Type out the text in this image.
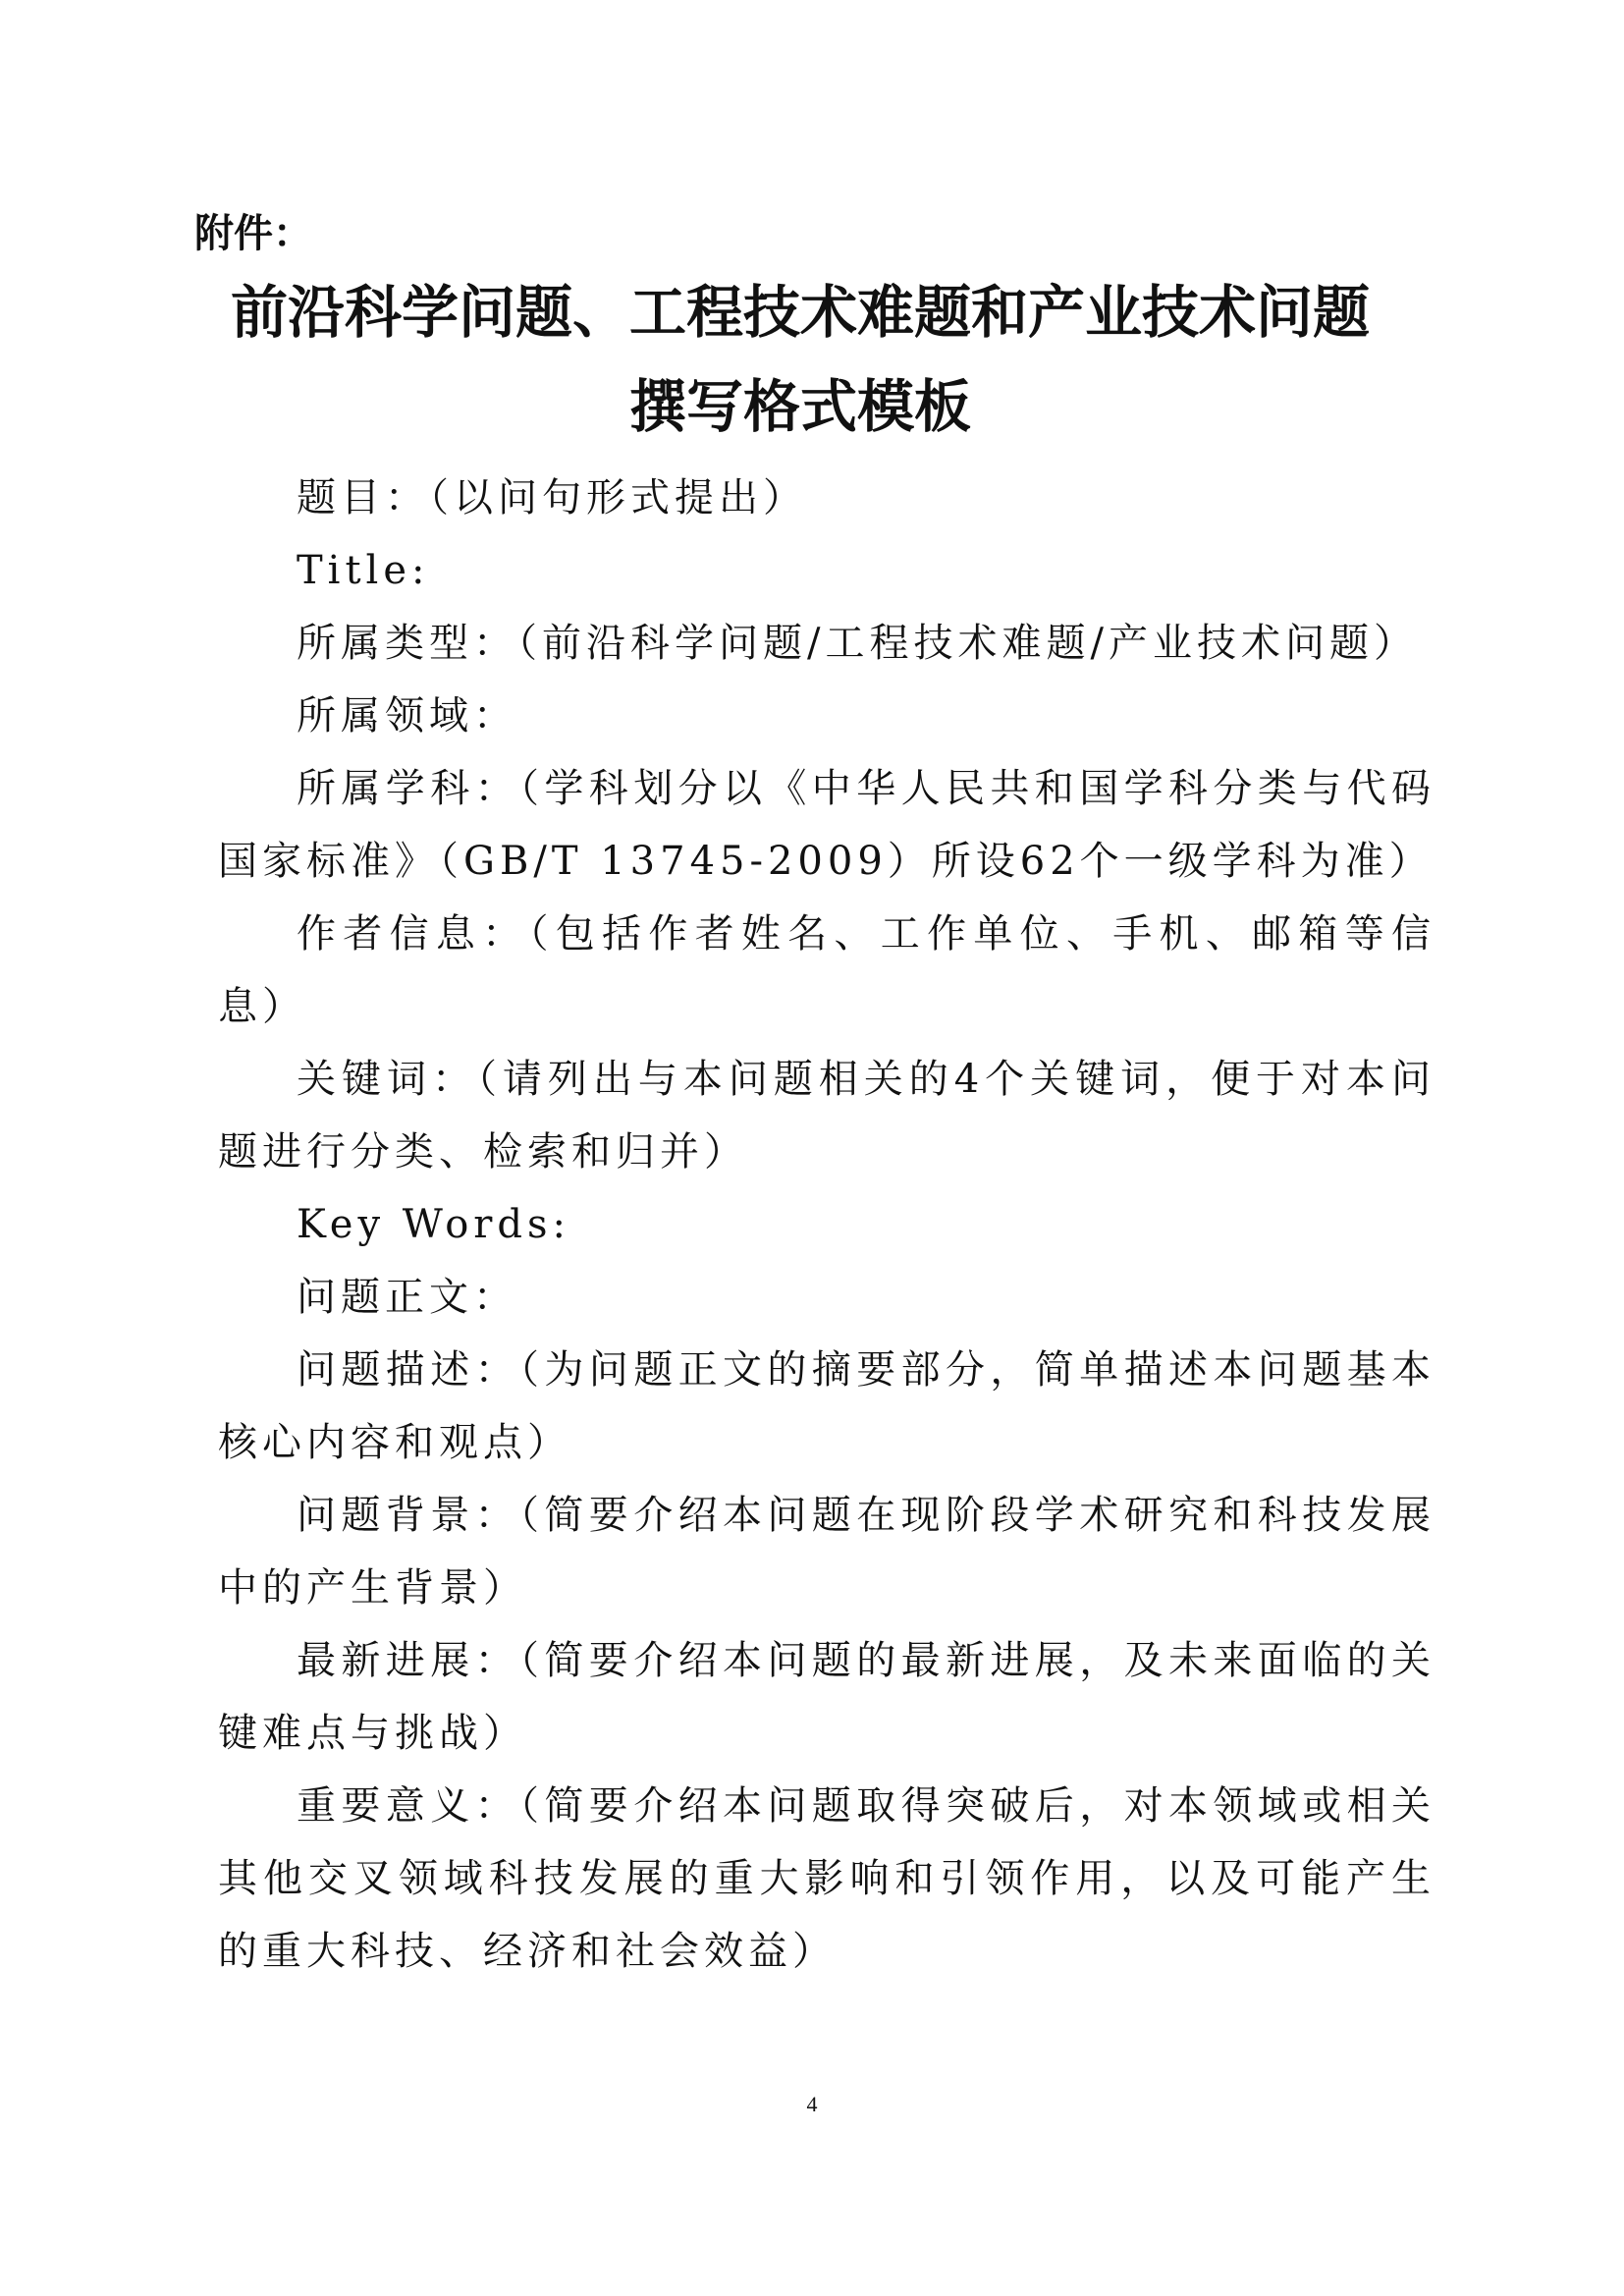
附件：
前沿科学问题、工程技术难题和产业技术问题
撰写格式模板

题目：（以问句形式提出）

Title:

所属类型：（前沿科学问题/工程技术难题/产业技术问题）

所属领域：

所属学科：（学科划分以《中华人民共和国学科分类与代码国家标准》（GB/T 13745-2009）所设62个一级学科为准）

作者信息：（包括作者姓名、工作单位、手机、邮箱等信息）

关键词：（请列出与本问题相关的4个关键词，便于对本问题进行分类、检索和归并）

Key Words:

问题正文：

问题描述：（为问题正文的摘要部分，简单描述本问题基本核心内容和观点）

问题背景：（简要介绍本问题在现阶段学术研究和科技发展中的产生背景）

最新进展：（简要介绍本问题的最新进展，及未来面临的关键难点与挑战）

重要意义：（简要介绍本问题取得突破后，对本领域或相关其他交叉领域科技发展的重大影响和引领作用，以及可能产生的重大科技、经济和社会效益）

4
